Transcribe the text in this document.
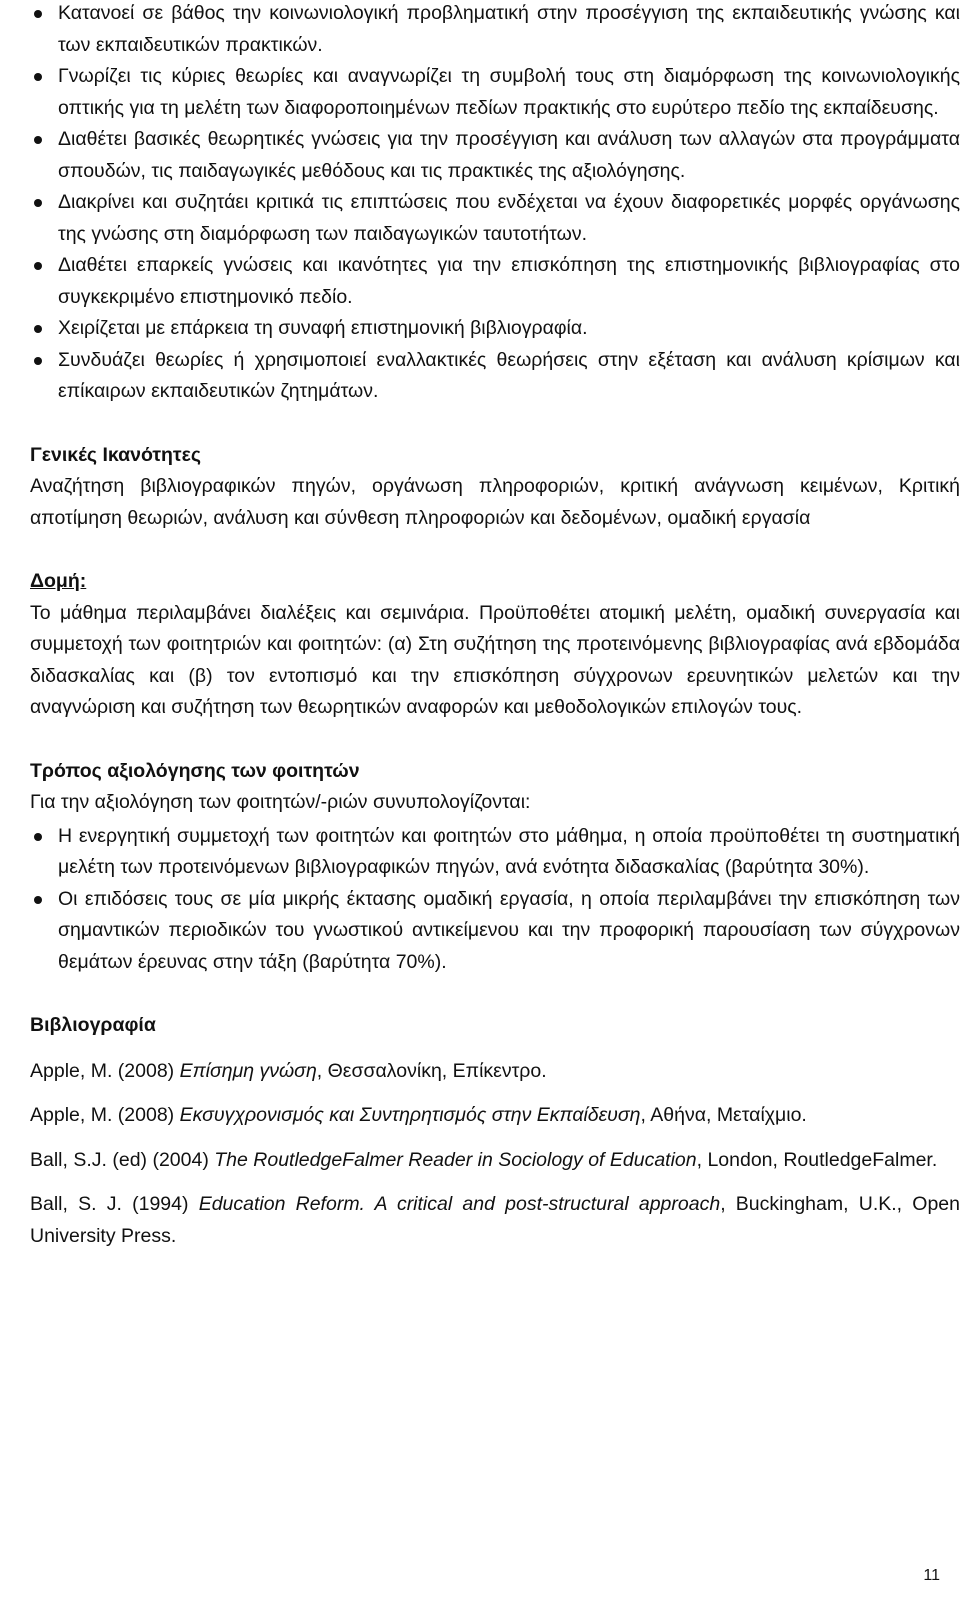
Κατανοεί σε βάθος την κοινωνιολογική προβληματική στην προσέγγιση της εκπαιδευτικής γνώσης και των εκπαιδευτικών πρακτικών.
Γνωρίζει τις κύριες θεωρίες και αναγνωρίζει τη συμβολή τους στη διαμόρφωση της κοινωνιολογικής οπτικής για τη μελέτη των διαφοροποιημένων πεδίων πρακτικής στο ευρύτερο πεδίο της εκπαίδευσης.
Διαθέτει βασικές θεωρητικές γνώσεις για την προσέγγιση και ανάλυση των αλλαγών στα προγράμματα σπουδών, τις παιδαγωγικές μεθόδους και τις πρακτικές της αξιολόγησης.
Διακρίνει και συζητάει κριτικά τις επιπτώσεις που ενδέχεται να έχουν διαφορετικές μορφές οργάνωσης της γνώσης στη διαμόρφωση των παιδαγωγικών ταυτοτήτων.
Διαθέτει επαρκείς γνώσεις και ικανότητες για την επισκόπηση της επιστημονικής βιβλιογραφίας στο συγκεκριμένο επιστημονικό πεδίο.
Χειρίζεται με επάρκεια τη συναφή επιστημονική βιβλιογραφία.
Συνδυάζει θεωρίες ή χρησιμοποιεί εναλλακτικές θεωρήσεις στην εξέταση και ανάλυση κρίσιμων και επίκαιρων εκπαιδευτικών ζητημάτων.
Γενικές Ικανότητες
Αναζήτηση βιβλιογραφικών πηγών, οργάνωση πληροφοριών, κριτική ανάγνωση κειμένων, Κριτική αποτίμηση θεωριών, ανάλυση και σύνθεση πληροφοριών και δεδομένων, ομαδική εργασία
Δομή:
Το μάθημα περιλαμβάνει διαλέξεις και σεμινάρια. Προϋποθέτει ατομική μελέτη, ομαδική συνεργασία και συμμετοχή των φοιτητριών και φοιτητών: (α) Στη συζήτηση της προτεινόμενης βιβλιογραφίας ανά εβδομάδα διδασκαλίας και (β) τον εντοπισμό και την επισκόπηση σύγχρονων ερευνητικών μελετών και την αναγνώριση και συζήτηση των θεωρητικών αναφορών και μεθοδολογικών επιλογών τους.
Τρόπος αξιολόγησης των φοιτητών
Για την αξιολόγηση των φοιτητών/-ριών συνυπολογίζονται:
Η ενεργητική συμμετοχή των φοιτητών και φοιτητών στο μάθημα, η οποία προϋποθέτει τη συστηματική μελέτη των προτεινόμενων βιβλιογραφικών πηγών, ανά ενότητα διδασκαλίας (βαρύτητα 30%).
Οι επιδόσεις τους σε μία μικρής έκτασης ομαδική εργασία, η οποία περιλαμβάνει την επισκόπηση των σημαντικών περιοδικών του γνωστικού αντικείμενου και την προφορική παρουσίαση των σύγχρονων θεμάτων έρευνας στην τάξη (βαρύτητα 70%).
Βιβλιογραφία
Apple, M. (2008) Επίσημη γνώση, Θεσσαλονίκη, Επίκεντρο.
Apple, M. (2008) Εκσυγχρονισμός και Συντηρητισμός στην Εκπαίδευση, Αθήνα, Μεταίχμιο.
Ball, S.J. (ed) (2004) The RoutledgeFalmer Reader in Sociology of Education, London, RoutledgeFalmer.
Ball, S. J. (1994) Education Reform. A critical and post-structural approach, Buckingham, U.K., Open University Press.
11
